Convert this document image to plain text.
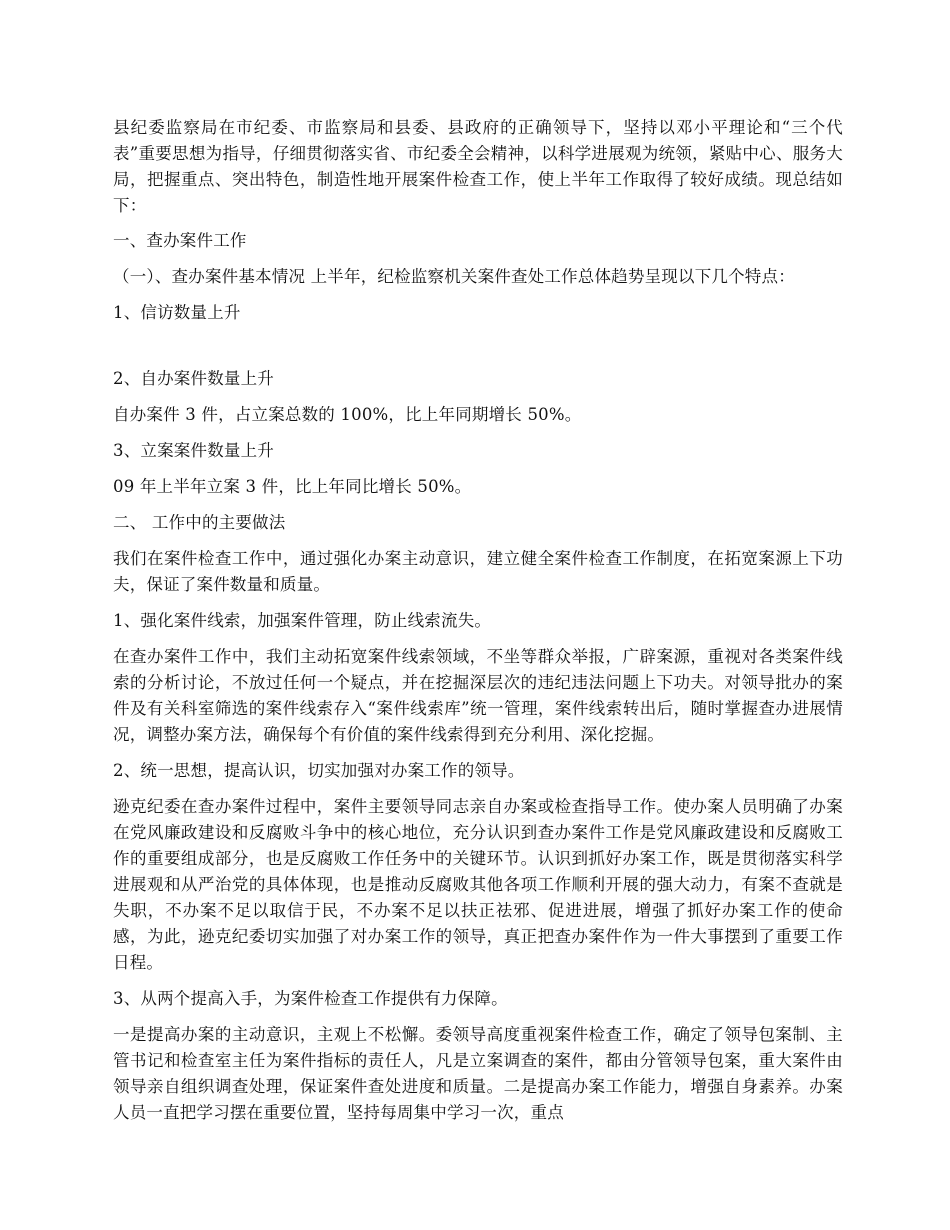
县纪委监察局在市纪委、市监察局和县委、县政府的正确领导下，坚持以邓小平理论和“三个代表”重要思想为指导，仔细贯彻落实省、市纪委全会精神，以科学进展观为统领，紧贴中心、服务大局，把握重点、突出特色，制造性地开展案件检查工作，使上半年工作取得了较好成绩。现总结如下：

一、查办案件工作

（一）、查办案件基本情况 上半年，纪检监察机关案件查处工作总体趋势呈现以下几个特点：

1、信访数量上升

2、自办案件数量上升

自办案件 3 件，占立案总数的 100%，比上年同期增长 50%。

3、立案案件数量上升

09 年上半年立案 3 件，比上年同比增长 50%。

二、 工作中的主要做法

我们在案件检查工作中，通过强化办案主动意识，建立健全案件检查工作制度，在拓宽案源上下功夫，保证了案件数量和质量。

1、强化案件线索，加强案件管理，防止线索流失。

在查办案件工作中，我们主动拓宽案件线索领域，不坐等群众举报，广辟案源，重视对各类案件线索的分析讨论，不放过任何一个疑点，并在挖掘深层次的违纪违法问题上下功夫。对领导批办的案件及有关科室筛选的案件线索存入“案件线索库”统一管理，案件线索转出后，随时掌握查办进展情况，调整办案方法，确保每个有价值的案件线索得到充分利用、深化挖掘。

2、统一思想，提高认识，切实加强对办案工作的领导。

逊克纪委在查办案件过程中，案件主要领导同志亲自办案或检查指导工作。使办案人员明确了办案在党风廉政建设和反腐败斗争中的核心地位，充分认识到查办案件工作是党风廉政建设和反腐败工作的重要组成部分，也是反腐败工作任务中的关键环节。认识到抓好办案工作，既是贯彻落实科学进展观和从严治党的具体体现，也是推动反腐败其他各项工作顺利开展的强大动力，有案不查就是失职，不办案不足以取信于民，不办案不足以扶正祛邪、促进进展，增强了抓好办案工作的使命感，为此，逊克纪委切实加强了对办案工作的领导，真正把查办案件作为一件大事摆到了重要工作日程。

3、从两个提高入手，为案件检查工作提供有力保障。

一是提高办案的主动意识，主观上不松懈。委领导高度重视案件检查工作，确定了领导包案制、主管书记和检查室主任为案件指标的责任人，凡是立案调查的案件，都由分管领导包案，重大案件由领导亲自组织调查处理，保证案件查处进度和质量。二是提高办案工作能力，增强自身素养。办案人员一直把学习摆在重要位置，坚持每周集中学习一次，重点
